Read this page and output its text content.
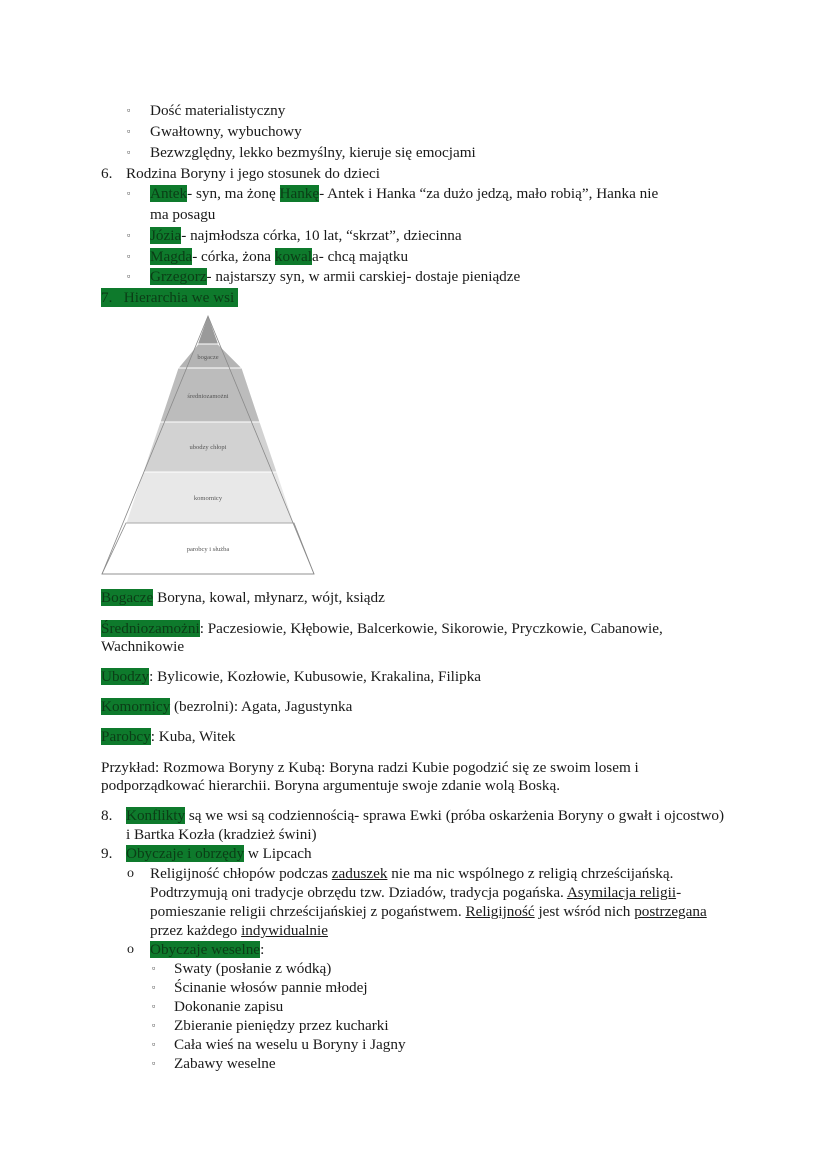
▫ Dość materialistyczny
▫ Gwałtowny, wybuchowy
▫ Bezwzględny, lekko bezmyślny, kieruje się emocjami
6. Rodzina Boryny i jego stosunek do dzieci
▫ Antek- syn, ma żonę Hankę- Antek i Hanka “za dużo jedzą, mało robią”, Hanka nie
ma posagu
▫ Józia- najmłodsza córka, 10 lat, “skrzat”, dziecinna
▫ Magda- córka, żona kowala- chcą majątku
▫ Grzegorz- najstarszy syn, w armii carskiej- dostaje pieniądze
7. Hierarchia we wsi
bogacze
średniozamożni
ubodzy chłopi
komornicy
parobcy i służba
Bogacze Boryna, kowal, młynarz, wójt, ksiądz
Średniozamożni: Paczesiowie, Kłębowie, Balcerkowie, Sikorowie, Pryczkowie, Cabanowie,
Wachnikowie
Ubodzy: Bylicowie, Kozłowie, Kubusowie, Krakalina, Filipka
Komornicy (bezrolni): Agata, Jagustynka
Parobcy: Kuba, Witek
Przykład: Rozmowa Boryny z Kubą: Boryna radzi Kubie pogodzić się ze swoim losem i
podporządkować hierarchii. Boryna argumentuje swoje zdanie wolą Boską.
8. Konflikty są we wsi są codziennością- sprawa Ewki (próba oskarżenia Boryny o gwałt i ojcostwo)
i Bartka Kozła (kradzież świni)
9. Obyczaje i obrzędy w Lipcach
o Religijność chłopów podczas zaduszek nie ma nic wspólnego z religią chrześcijańską.
Podtrzymują oni tradycje obrzędu tzw. Dziadów, tradycja pogańska. Asymilacja religii-
pomieszanie religii chrześcijańskiej z pogaństwem. Religijność jest wśród nich postrzegana
przez każdego indywidualnie
o Obyczaje weselne:
▫ Swaty (posłanie z wódką)
▫ Ścinanie włosów pannie młodej
▫ Dokonanie zapisu
▫ Zbieranie pieniędzy przez kucharki
▫ Cała wieś na weselu u Boryny i Jagny
▫ Zabawy weselne
